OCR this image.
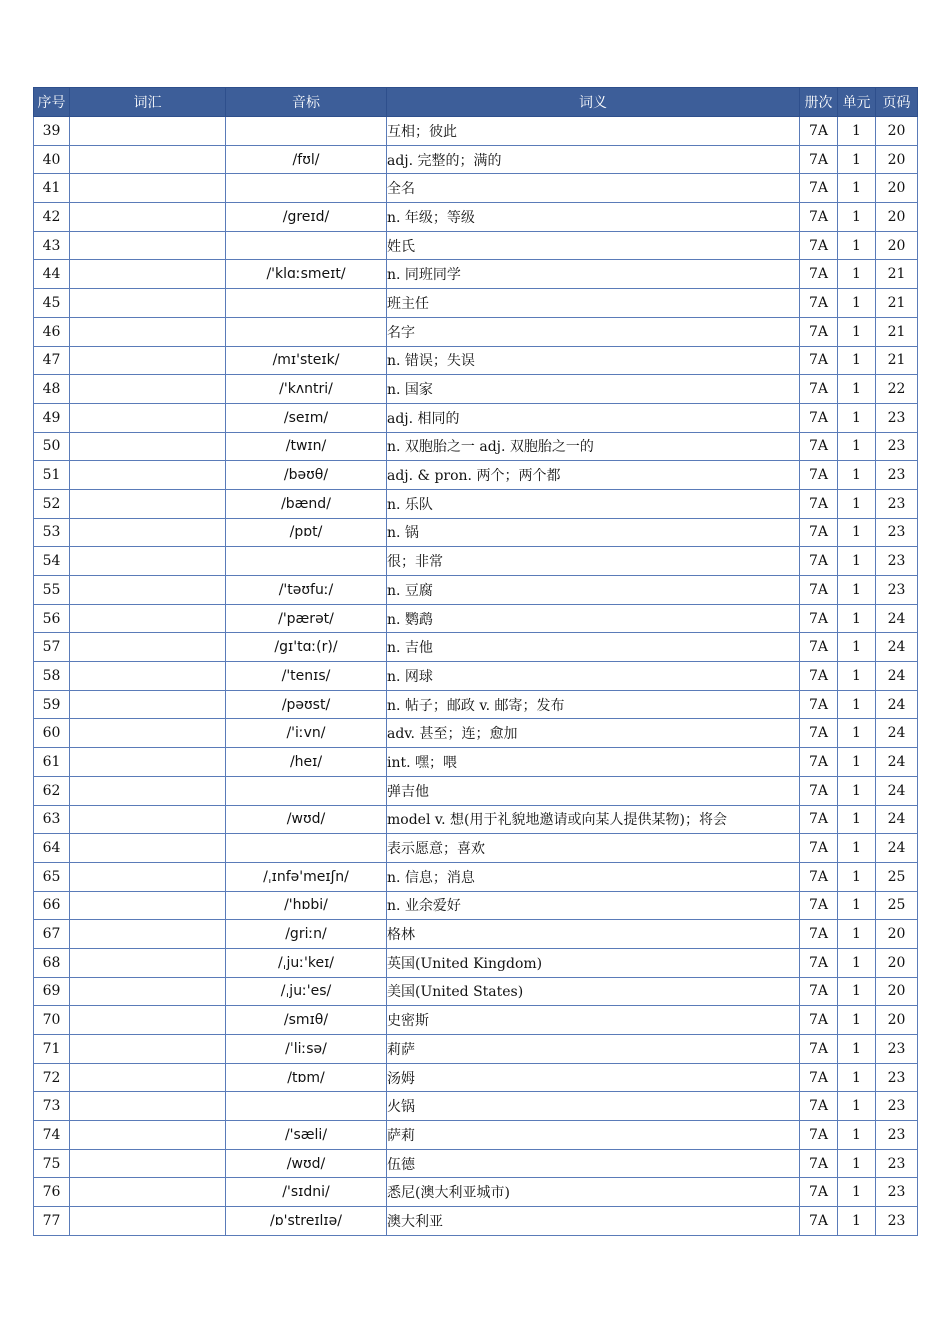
序号	词汇	音标	词义	册次	单元	页码
39			互相；彼此	7A	1	20
40		/fʊl/	adj. 完整的；满的	7A	1	20
41			全名	7A	1	20
42		/greɪd/	n. 年级；等级	7A	1	20
43			姓氏	7A	1	20
44		/'klɑːsmeɪt/	n. 同班同学	7A	1	21
45			班主任	7A	1	21
46			名字	7A	1	21
47		/mɪ'steɪk/	n. 错误；失误	7A	1	21
48		/'kʌntri/	n. 国家	7A	1	22
49		/seɪm/	adj. 相同的	7A	1	23
50		/twɪn/	n. 双胞胎之一 adj. 双胞胎之一的	7A	1	23
51		/bəʊθ/	adj. & pron. 两个；两个都	7A	1	23
52		/bænd/	n. 乐队	7A	1	23
53		/pɒt/	n. 锅	7A	1	23
54			很；非常	7A	1	23
55		/'təʊfuː/	n. 豆腐	7A	1	23
56		/'pærət/	n. 鹦鹉	7A	1	24
57		/gɪ'tɑː(r)/	n. 吉他	7A	1	24
58		/'tenɪs/	n. 网球	7A	1	24
59		/pəʊst/	n. 帖子；邮政 v. 邮寄；发布	7A	1	24
60		/'iːvn/	adv. 甚至；连；愈加	7A	1	24
61		/heɪ/	int. 嘿；喂	7A	1	24
62			弹吉他	7A	1	24
63		/wʊd/	model v. 想(用于礼貌地邀请或向某人提供某物)；将会	7A	1	24
64			表示愿意；喜欢	7A	1	24
65		/ˌɪnfə'meɪʃn/	n. 信息；消息	7A	1	25
66		/'hɒbi/	n. 业余爱好	7A	1	25
67		/griːn/	格林	7A	1	20
68		/ˌjuː'keɪ/	英国(United Kingdom)	7A	1	20
69		/ˌjuː'es/	美国(United States)	7A	1	20
70		/smɪθ/	史密斯	7A	1	20
71		/ˈliːsə/	莉萨	7A	1	23
72		/tɒm/	汤姆	7A	1	23
73			火锅	7A	1	23
74		/'sæli/	萨莉	7A	1	23
75		/wʊd/	伍德	7A	1	23
76		/'sɪdni/	悉尼(澳大利亚城市)	7A	1	23
77		/ɒ'streɪlɪə/	澳大利亚	7A	1	23
